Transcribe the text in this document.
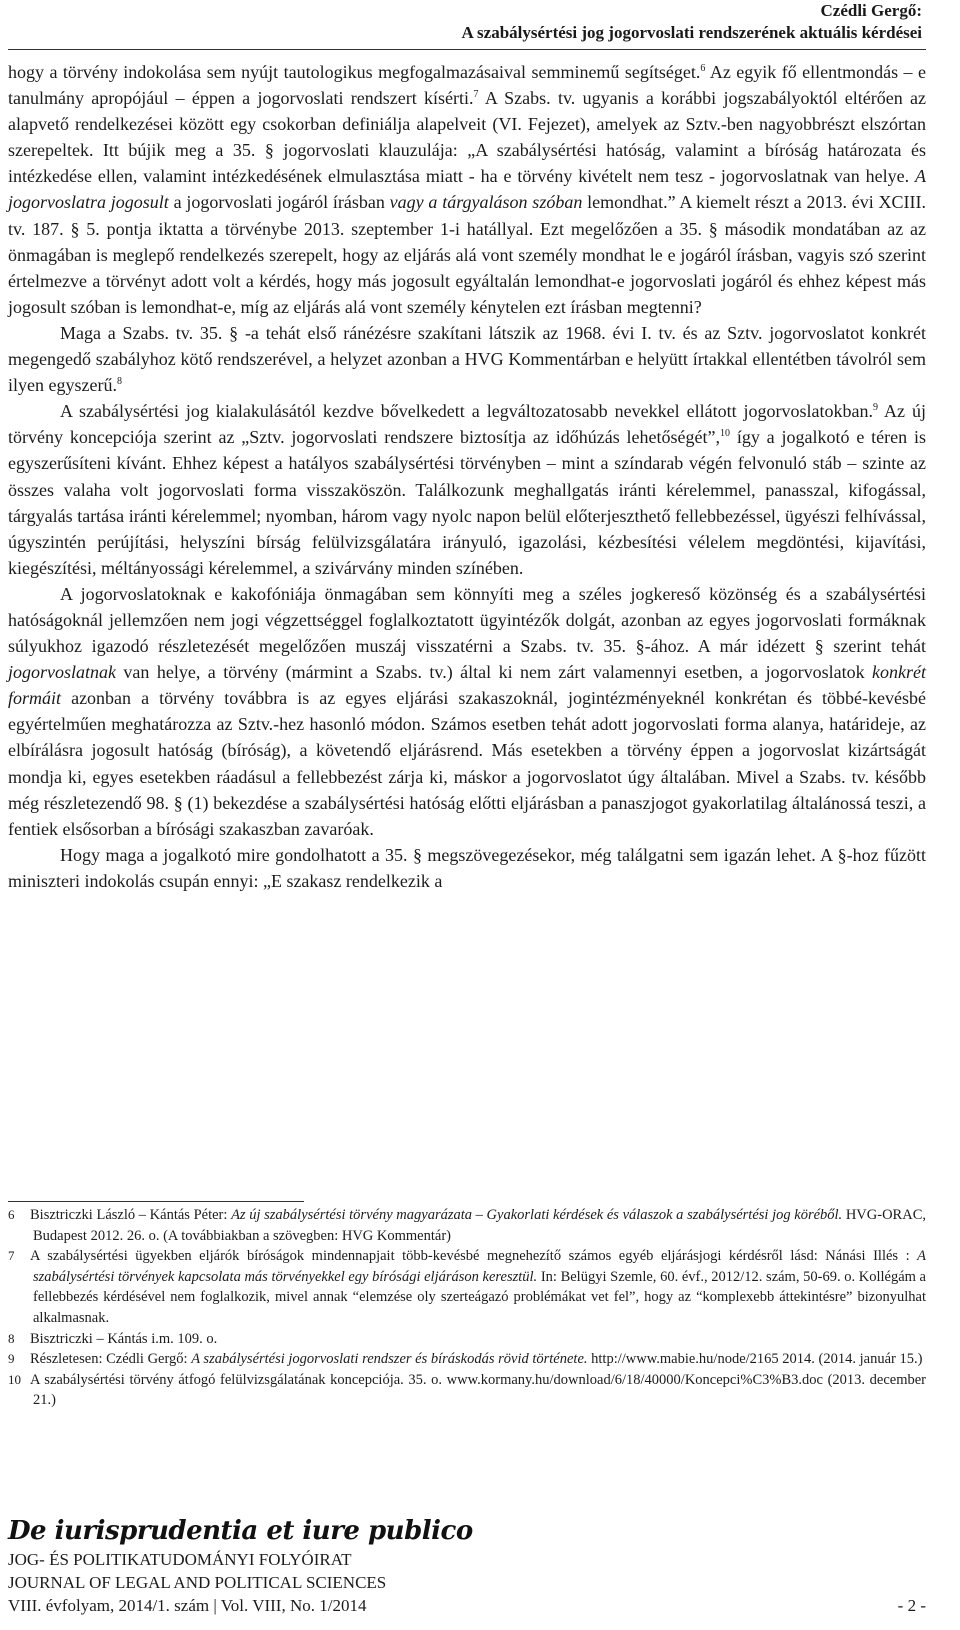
Czédli Gergő:
A szabálysértési jog jogorvoslati rendszerének aktuális kérdései

hogy a törvény indokolása sem nyújt tautologikus megfogalmazásaival semminemű segítséget.$^6$ Az egyik fő ellentmondás – e tanulmány apropójául – éppen a jogorvoslati rendszert kísérti.$^7$ A Szabs. tv. ugyanis a korábbi jogszabályoktól eltérően az alapvető rendelkezései között egy csokorban definiálja alapelveit (VI. Fejezet), amelyek az Sztv.-ben nagyobbrészt elszórtan szerepeltek. Itt bújik meg a 35. § jogorvoslati klauzulája: „A szabálysértési hatóság, valamint a bíróság határozata és intézkedése ellen, valamint intézkedésének elmulasztása miatt - ha e törvény kivételt nem tesz - jogorvoslatnak van helye. A jogorvoslatra jogosult a jogorvoslati jogáról írásban vagy a tárgyaláson szóban lemondhat.” A kiemelt részt a 2013. évi XCIII. tv. 187. § 5. pontja iktatta a törvénybe 2013. szeptember 1-i hatállyal. Ezt megelőzően a 35. § második mondatában az az önmagában is meglepő rendelkezés szerepelt, hogy az eljárás alá vont személy mondhat le e jogáról írásban, vagyis szó szerint értelmezve a törvényt adott volt a kérdés, hogy más jogosult egyáltalán lemondhat-e jogorvoslati jogáról és ehhez képest más jogosult szóban is lemondhat-e, míg az eljárás alá vont személy kénytelen ezt írásban megtenni?

Maga a Szabs. tv. 35. § -a tehát első ránézésre szakítani látszik az 1968. évi I. tv. és az Sztv. jogorvoslatot konkrét megengedő szabályhoz kötő rendszerével, a helyzet azonban a HVG Kommentárban e helyütt írtakkal ellentétben távolról sem ilyen egyszerű.$^8$

A szabálysértési jog kialakulásától kezdve bővelkedett a legváltozatosabb nevekkel ellátott jogorvoslatokban.$^9$ Az új törvény koncepciója szerint az „Sztv. jogorvoslati rendszere biztosítja az időhúzás lehetőségét”,$^{10}$ így a jogalkotó e téren is egyszerűsíteni kívánt. Ehhez képest a hatályos szabálysértési törvényben – mint a színdarab végén felvonuló stáb – szinte az összes valaha volt jogorvoslati forma visszaköszön. Találkozunk meghallgatás iránti kérelemmel, panasszal, kifogással, tárgyalás tartása iránti kérelemmel; nyomban, három vagy nyolc napon belül előterjeszthető fellebbezéssel, ügyészi felhívással, úgyszintén perújítási, helyszíni bírság felülvizsgálatára irányuló, igazolási, kézbesítési vélelem megdöntési, kijavítási, kiegészítési, méltányossági kérelemmel, a szivárvány minden színében.

A jogorvoslatoknak e kakofóniája önmagában sem könnyíti meg a széles jogkereső közönség és a szabálysértési hatóságoknál jellemzően nem jogi végzettséggel foglalkoztatott ügyintézők dolgát, azonban az egyes jogorvoslati formáknak súlyukhoz igazodó részletezését megelőzően muszáj visszatérni a Szabs. tv. 35. §-ához. A már idézett § szerint tehát jogorvoslatnak van helye, a törvény (mármint a Szabs. tv.) által ki nem zárt valamennyi esetben, a jogorvoslatok konkrét formáit azonban a törvény továbbra is az egyes eljárási szakaszoknál, jogintézményeknél konkrétan és többé-kevésbé egyértelműen meghatározza az Sztv.-hez hasonló módon. Számos esetben tehát adott jogorvoslati forma alanya, határideje, az elbírálásra jogosult hatóság (bíróság), a követendő eljárásrend. Más esetekben a törvény éppen a jogorvoslat kizártságát mondja ki, egyes esetekben ráadásul a fellebbezést zárja ki, máskor a jogorvoslatot úgy általában. Mivel a Szabs. tv. később még részletezendő 98. § (1) bekezdése a szabálysértési hatóság előtti eljárásban a panaszjogot gyakorlatilag általánossá teszi, a fentiek elsősorban a bírósági szakaszban zavaróak.

Hogy maga a jogalkotó mire gondolhatott a 35. § megszövegezésekor, még találgatni sem igazán lehet. A §-hoz fűzött miniszteri indokolás csupán ennyi: „E szakasz rendelkezik a

6 Bisztriczki László – Kántás Péter: Az új szabálysértési törvény magyarázata – Gyakorlati kérdések és válaszok a szabálysértési jog köréből. HVG-ORAC, Budapest 2012. 26. o. (A továbbiakban a szövegben: HVG Kommentár)

7 A szabálysértési ügyekben eljárók bíróságok mindennapjait több-kevésbé megnehezítő számos egyéb eljárásjogi kérdésről lásd: Nánási Illés : A szabálysértési törvények kapcsolata más törvényekkel egy bírósági eljáráson keresztül. In: Belügyi Szemle, 60. évf., 2012/12. szám, 50-69. o. Kollégám a fellebbezés kérdésével nem foglalkozik, mivel annak “elemzése oly szerteágazó problémákat vet fel”, hogy az “komplexebb áttekintésre” bizonyulhat alkalmasnak.

8 Bisztriczki – Kántás i.m. 109. o.

9 Részletesen: Czédli Gergő: A szabálysértési jogorvoslati rendszer és bíráskodás rövid története. http://www.mabie.hu/node/2165 2014. (2014. január 15.)

10 A szabálysértési törvény átfogó felülvizsgálatának koncepciója. 35. o. www.kormany.hu/download/6/18/40000/Koncepci%C3%B3.doc (2013. december 21.)

De iurisprudentia et iure publico
JOG- ÉS POLITIKATUDOMÁNYI FOLYÓIRAT
JOURNAL OF LEGAL AND POLITICAL SCIENCES
VIII. évfolyam, 2014/1. szám | Vol. VIII, No. 1/2014	- 2 -
